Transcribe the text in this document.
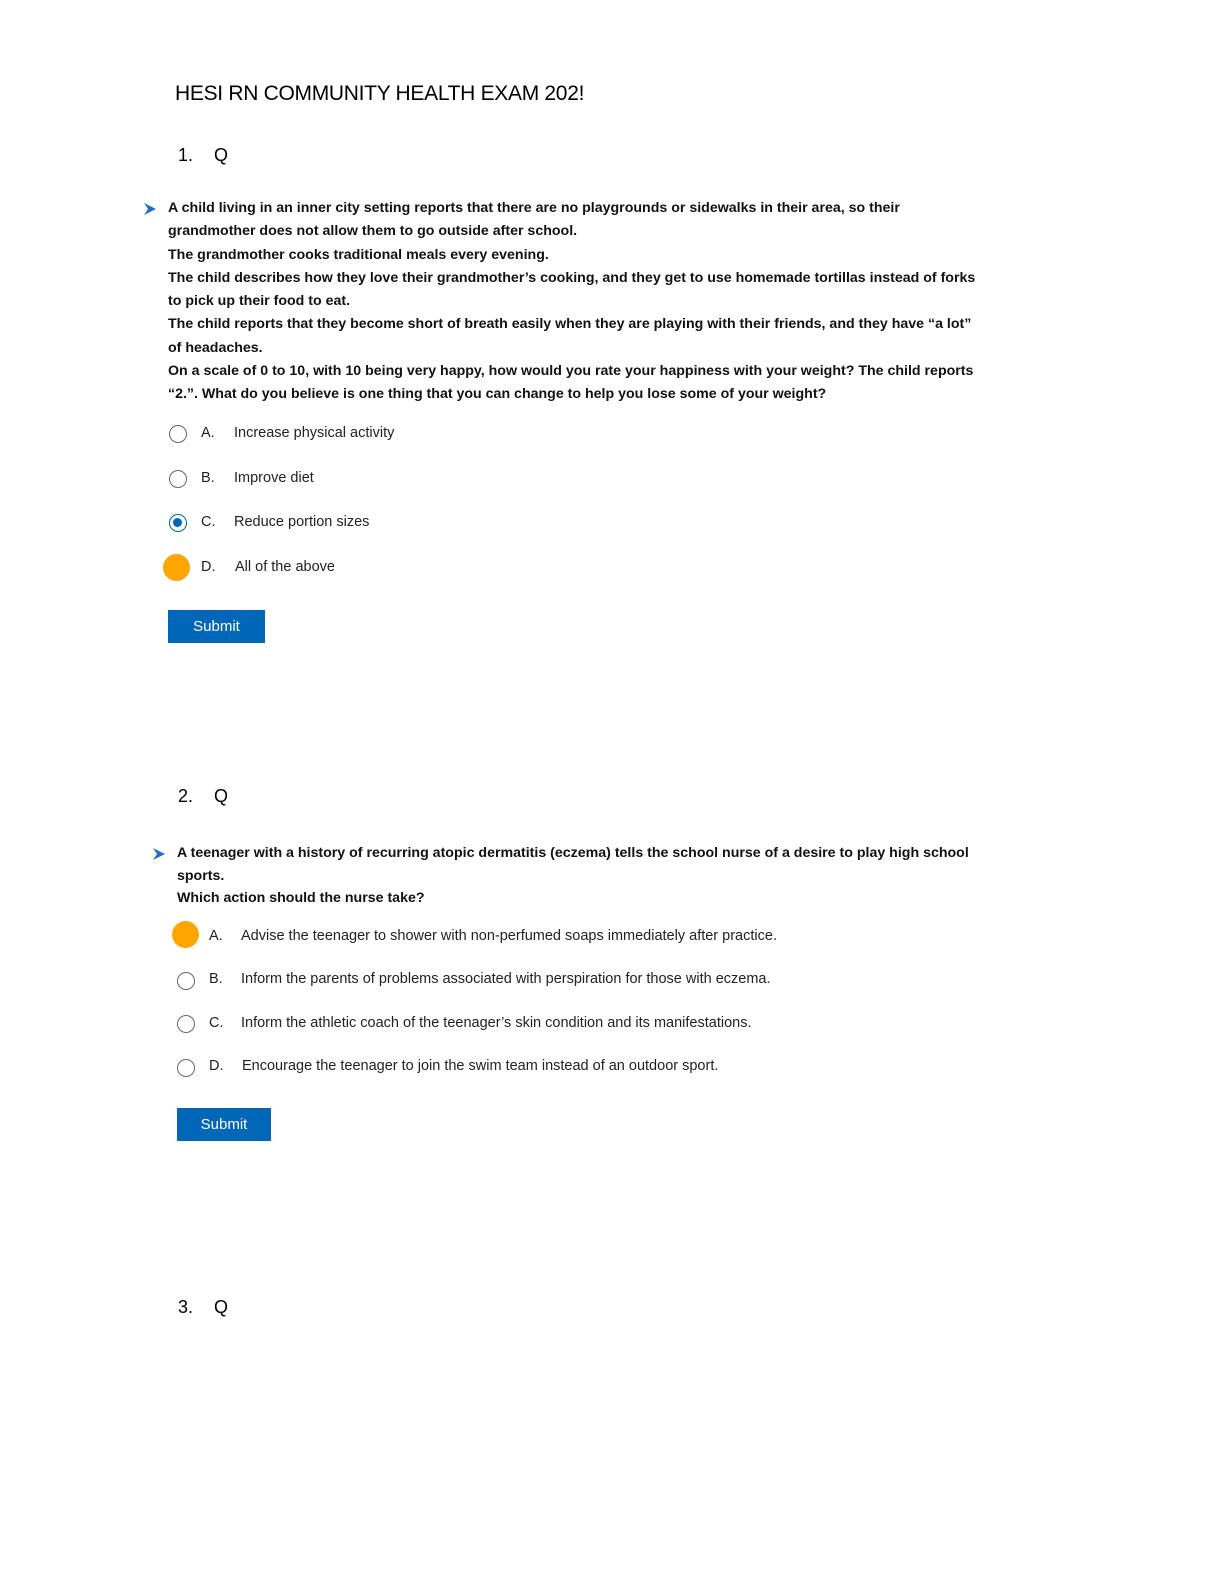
HESI RN COMMUNITY HEALTH EXAM 202!
1. Q
A child living in an inner city setting reports that there are no playgrounds or sidewalks in their area, so their
grandmother does not allow them to go outside after school.
The grandmother cooks traditional meals every evening.
The child describes how they love their grandmother’s cooking, and they get to use homemade tortillas instead of forks
to pick up their food to eat.
The child reports that they become short of breath easily when they are playing with their friends, and they have “a lot”
of headaches.
On a scale of 0 to 10, with 10 being very happy, how would you rate your happiness with your weight? The child reports
“2.”. What do you believe is one thing that you can change to help you lose some of your weight?
A. Increase physical activity
B. Improve diet
C. Reduce portion sizes
D. All of the above
Submit
2. Q
A teenager with a history of recurring atopic dermatitis (eczema) tells the school nurse of a desire to play high school
sports.
Which action should the nurse take?
A. Advise the teenager to shower with non-perfumed soaps immediately after practice.
B. Inform the parents of problems associated with perspiration for those with eczema.
C. Inform the athletic coach of the teenager’s skin condition and its manifestations.
D. Encourage the teenager to join the swim team instead of an outdoor sport.
Submit
3. Q
